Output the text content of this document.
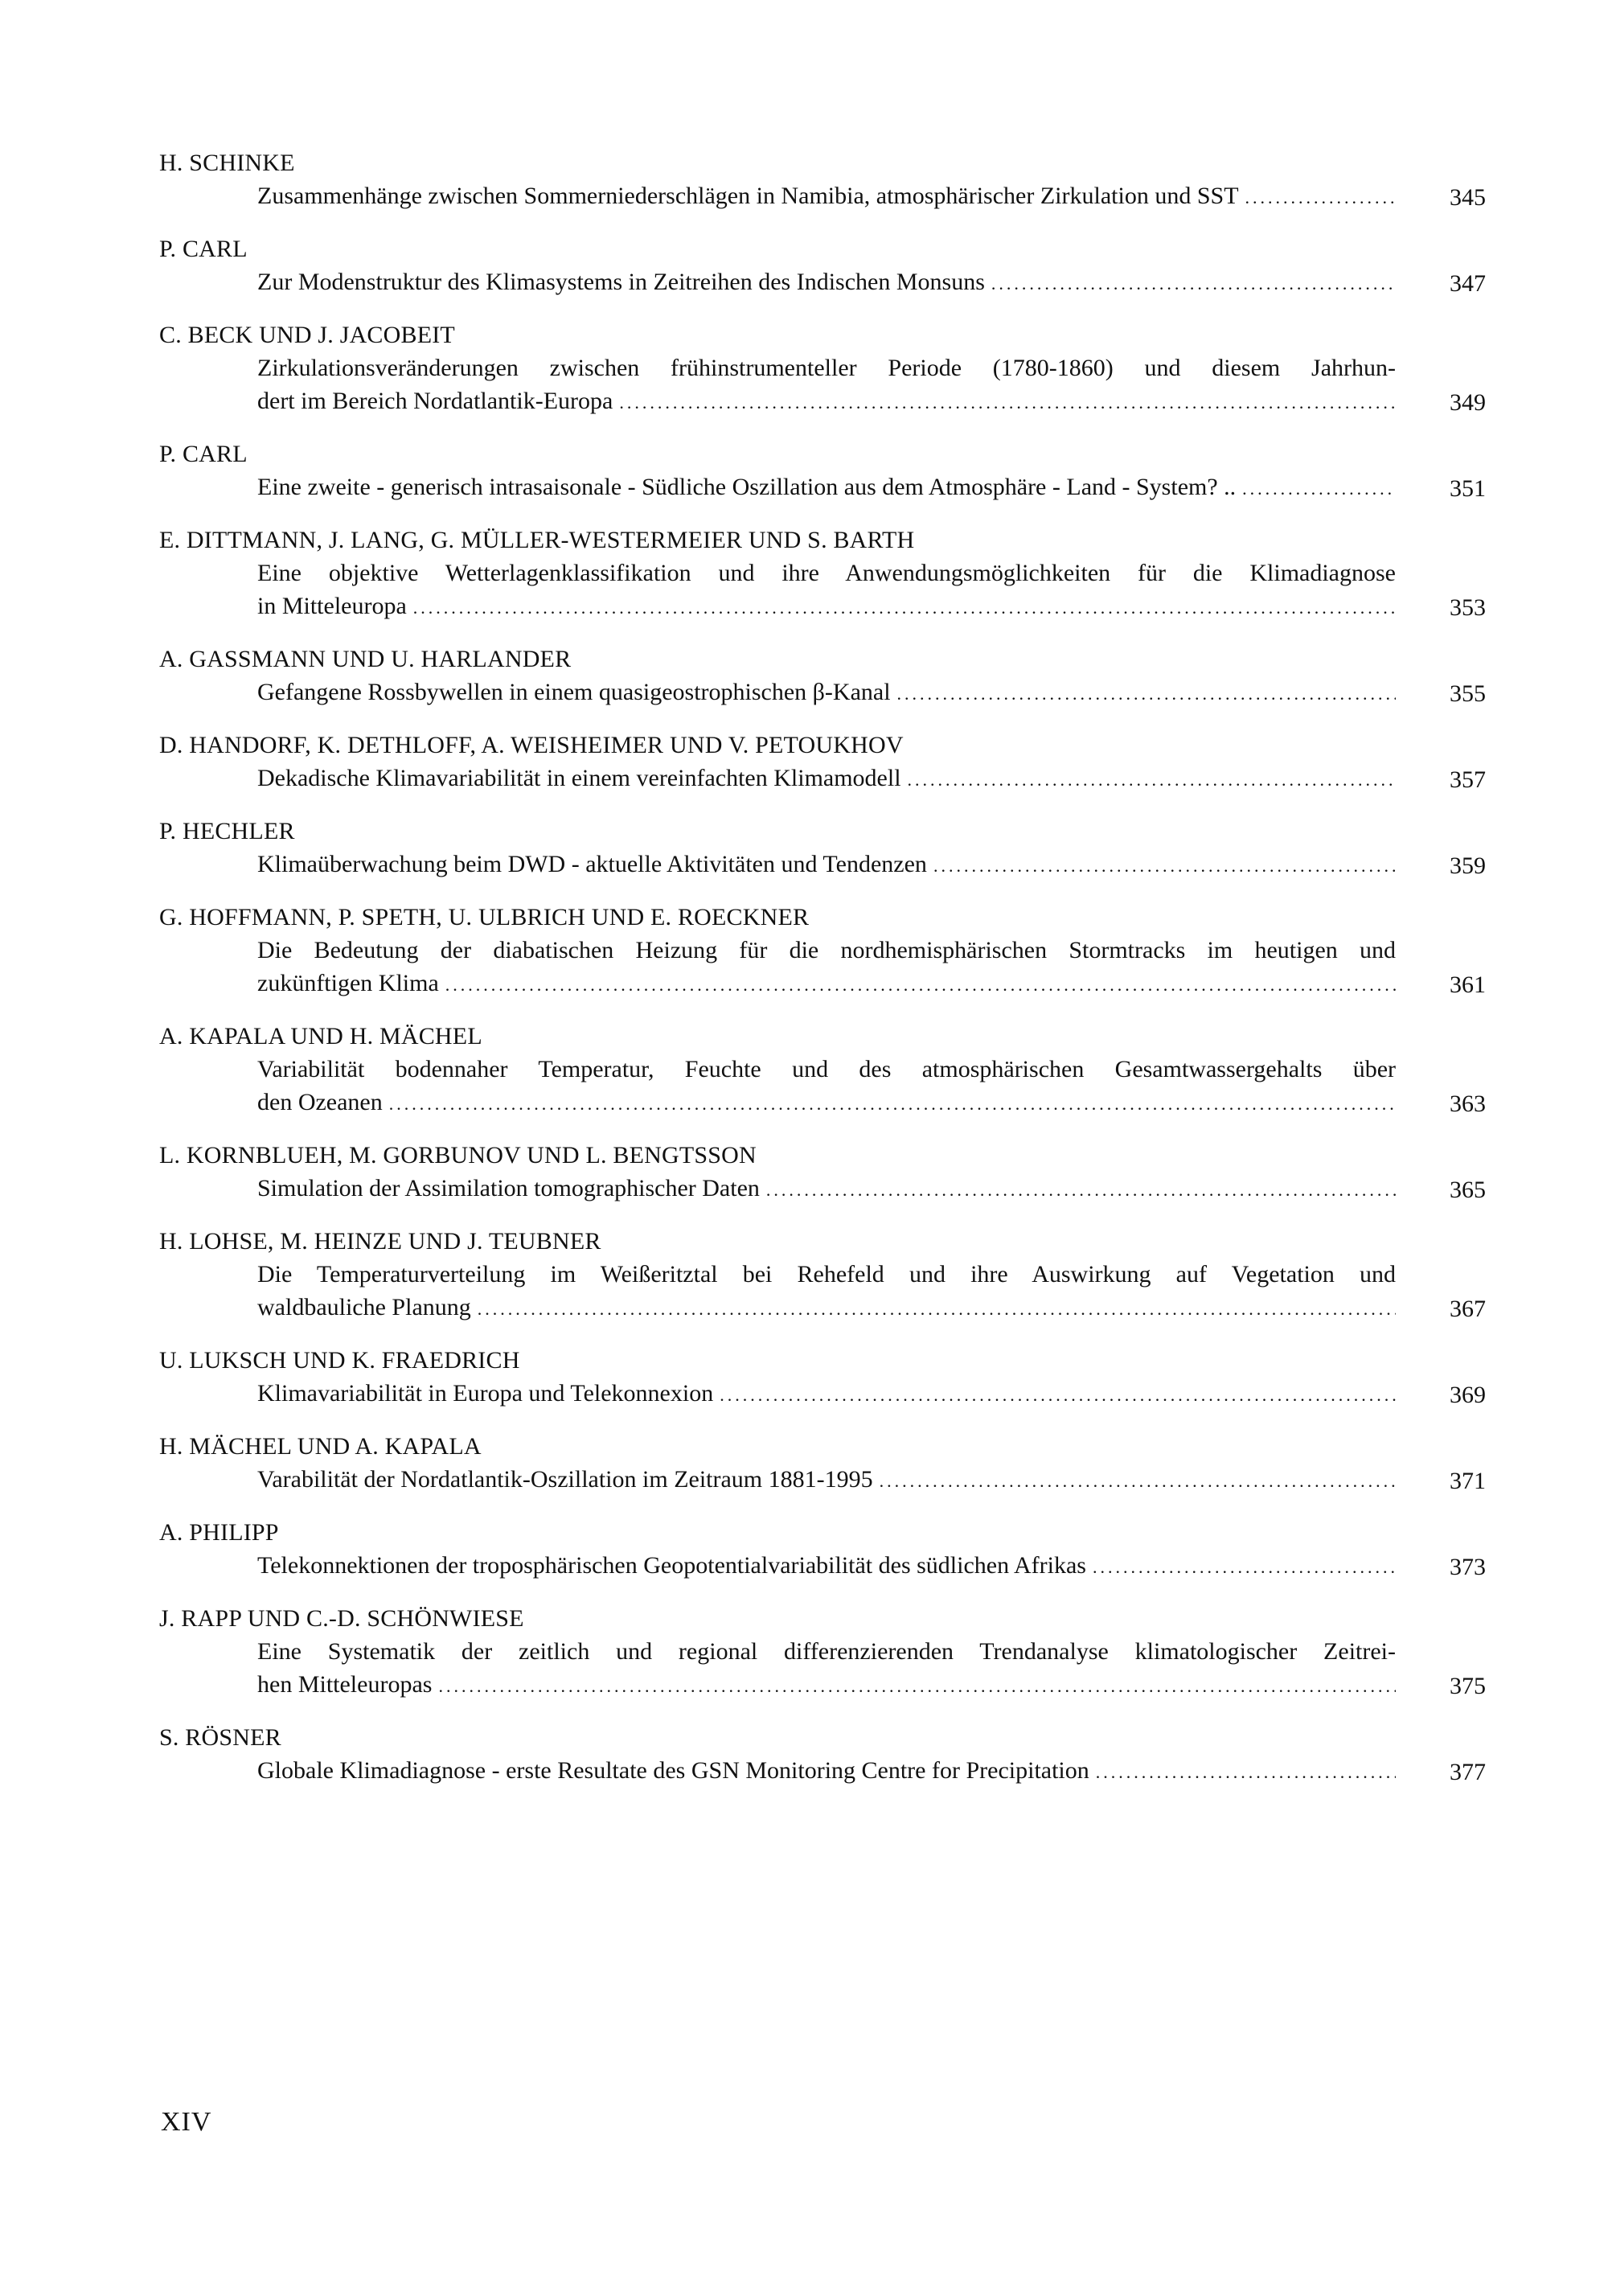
H. SCHINKE
Zusammenhänge zwischen Sommerniederschlägen in Namibia, atmosphärischer Zirkulation und SST .....	345
P. CARL
Zur Modenstruktur des Klimasystems in Zeitreihen des Indischen Monsuns .....	347
C. BECK UND J. JACOBEIT
Zirkulationsveränderungen zwischen frühinstrumenteller Periode (1780-1860) und diesem Jahrhun-
dert im Bereich Nordatlantik-Europa .....	349
P. CARL
Eine zweite - generisch intrasaisonale - Südliche Oszillation aus dem Atmosphäre - Land - System? .. .....	351
E. DITTMANN, J. LANG, G. MÜLLER-WESTERMEIER UND S. BARTH
Eine objektive Wetterlagenklassifikation und ihre Anwendungsmöglichkeiten für die Klimadiagnose
in Mitteleuropa .....	353
A. GASSMANN UND U. HARLANDER
Gefangene Rossbywellen in einem quasigeostrophischen β-Kanal .....	355
D. HANDORF, K. DETHLOFF, A. WEISHEIMER UND V. PETOUKHOV
Dekadische Klimavariabilität in einem vereinfachten Klimamodell .....	357
P. HECHLER
Klimaüberwachung beim DWD - aktuelle Aktivitäten und Tendenzen .....	359
G. HOFFMANN, P. SPETH, U. ULBRICH UND E. ROECKNER
Die Bedeutung der diabatischen Heizung für die nordhemisphärischen Stormtracks im heutigen und
zukünftigen Klima .....	361
A. KAPALA UND H. MÄCHEL
Variabilität bodennaher Temperatur, Feuchte und des atmosphärischen Gesamtwassergehalts über
den Ozeanen .....	363
L. KORNBLUEH, M. GORBUNOV UND L. BENGTSSON
Simulation der Assimilation tomographischer Daten .....	365
H. LOHSE, M. HEINZE UND J. TEUBNER
Die Temperaturverteilung im Weißeritztal bei Rehefeld und ihre Auswirkung auf Vegetation und
waldbauliche Planung .....	367
U. LUKSCH UND K. FRAEDRICH
Klimavariabilität in Europa und Telekonnexion .....	369
H. MÄCHEL UND A. KAPALA
Varabilität der Nordatlantik-Oszillation im Zeitraum 1881-1995 .....	371
A. PHILIPP
Telekonnektionen der troposphärischen Geopotentialvariabilität des südlichen Afrikas .....	373
J. RAPP UND C.-D. SCHÖNWIESE
Eine Systematik der zeitlich und regional differenzierenden Trendanalyse klimatologischer Zeitrei-
hen Mitteleuropas .....	375
S. RÖSNER
Globale Klimadiagnose - erste Resultate des GSN Monitoring Centre for Precipitation .....	377
XIV
